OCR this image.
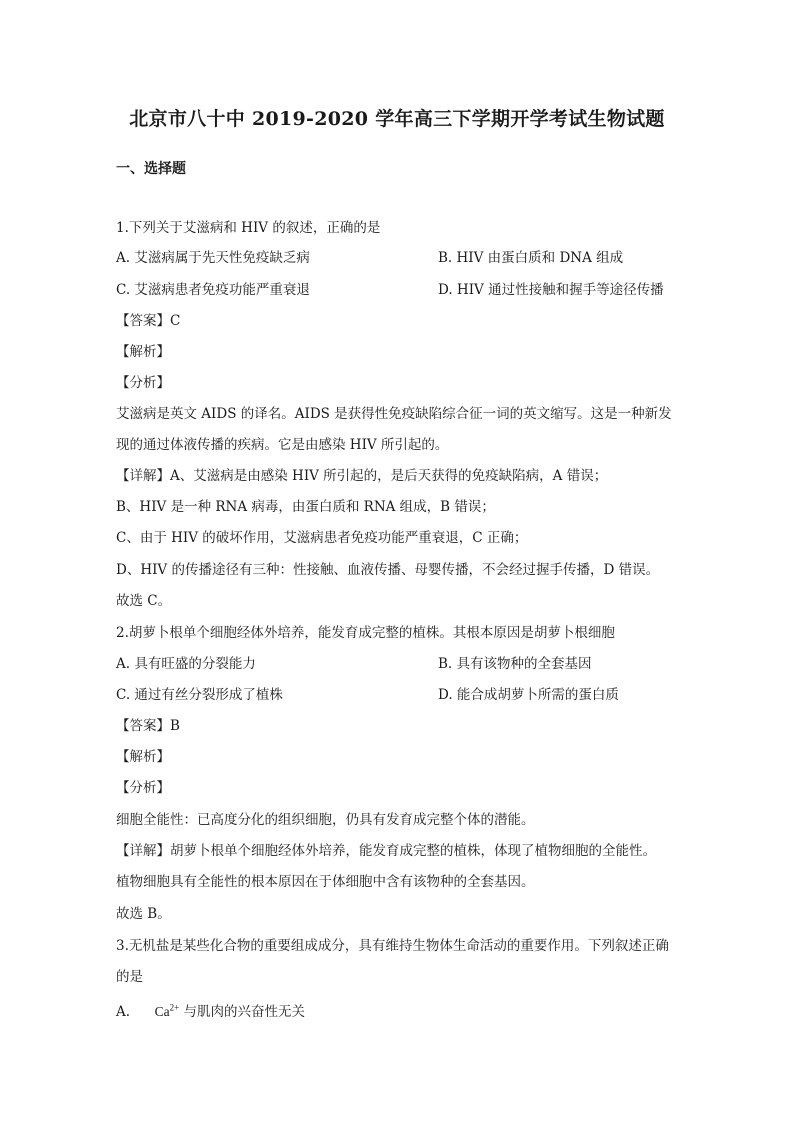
北京市八十中 2019-2020 学年高三下学期开学考试生物试题
一、选择题
1.下列关于艾滋病和 HIV 的叙述，正确的是
A. 艾滋病属于先天性免疫缺乏病	B. HIV 由蛋白质和 DNA 组成
C. 艾滋病患者免疫功能严重衰退	D. HIV 通过性接触和握手等途径传播
【答案】C
【解析】
【分析】
艾滋病是英文 AIDS 的译名。AIDS 是获得性免疫缺陷综合征一词的英文缩写。这是一种新发
现的通过体液传播的疾病。它是由感染 HIV 所引起的。
【详解】A、艾滋病是由感染 HIV 所引起的，是后天获得的免疫缺陷病，A 错误；
B、HIV 是一种 RNA 病毒，由蛋白质和 RNA 组成，B 错误；
C、由于 HIV 的破坏作用，艾滋病患者免疫功能严重衰退，C 正确；
D、HIV 的传播途径有三种：性接触、血液传播、母婴传播，不会经过握手传播，D 错误。
故选 C。
2.胡萝卜根单个细胞经体外培养，能发育成完整的植株。其根本原因是胡萝卜根细胞
A. 具有旺盛的分裂能力	B. 具有该物种的全套基因
C. 通过有丝分裂形成了植株	D. 能合成胡萝卜所需的蛋白质
【答案】B
【解析】
【分析】
细胞全能性：已高度分化的组织细胞，仍具有发育成完整个体的潜能。
【详解】胡萝卜根单个细胞经体外培养，能发育成完整的植株，体现了植物细胞的全能性。
植物细胞具有全能性的根本原因在于体细胞中含有该物种的全套基因。
故选 B。
3.无机盐是某些化合物的重要组成成分，具有维持生物体生命活动的重要作用。下列叙述正确
的是
A. $Ca^{2+}$ 与肌肉的兴奋性无关
